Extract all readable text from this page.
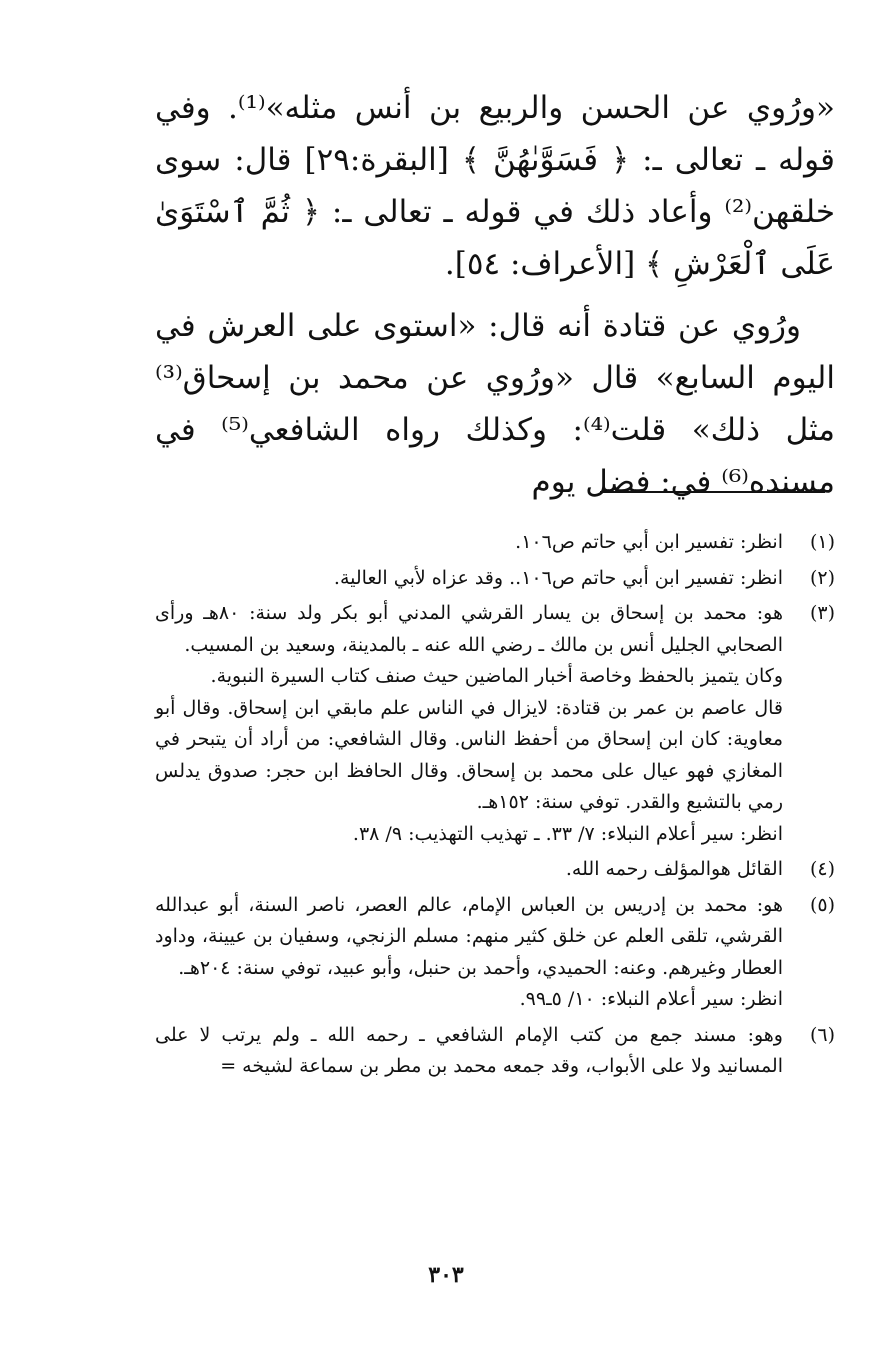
«ورُوي عن الحسن والربيع بن أنس مثله»⁽¹⁾. وفي قوله ـ تعالى ـ: ﴿ فَسَوَّىٰهُنَّ ﴾ [البقرة:٢٩] قال: سوى خلقهن⁽²⁾ وأعاد ذلك في قوله ـ تعالى ـ: ﴿ ثُمَّ ٱسْتَوَىٰ عَلَى ٱلْعَرْشِ ﴾ [الأعراف: ٥٤].

ورُوي عن قتادة أنه قال: «استوى على العرش في اليوم السابع» قال «ورُوي عن محمد بن إسحاق⁽³⁾ مثل ذلك» قلت⁽⁴⁾: وكذلك رواه الشافعي⁽⁵⁾ في مسنده⁽⁶⁾ في: فضل يوم

(١)
انظر: تفسير ابن أبي حاتم ص١٠٦.
(٢)
انظر: تفسير ابن أبي حاتم ص١٠٦.. وقد عزاه لأبي العالية.
(٣)
هو: محمد بن إسحاق بن يسار القرشي المدني أبو بكر ولد سنة: ٨٠هـ ورأى الصحابي الجليل أنس بن مالك ـ رضي الله عنه ـ بالمدينة، وسعيد بن المسيب.
وكان يتميز بالحفظ وخاصة أخبار الماضين حيث صنف كتاب السيرة النبوية.
قال عاصم بن عمر بن قتادة: لايزال في الناس علم مابقي ابن إسحاق. وقال أبو معاوية: كان ابن إسحاق من أحفظ الناس. وقال الشافعي: من أراد أن يتبحر في المغازي فهو عيال على محمد بن إسحاق. وقال الحافظ ابن حجر: صدوق يدلس رمي بالتشيع والقدر. توفي سنة: ١٥٢هـ.
انظر: سير أعلام النبلاء: ٧/ ٣٣. ـ تهذيب التهذيب: ٩/ ٣٨.
(٤)
القائل هوالمؤلف رحمه الله.
(٥)
هو: محمد بن إدريس بن العباس الإمام، عالم العصر، ناصر السنة، أبو عبدالله القرشي، تلقى العلم عن خلق كثير منهم: مسلم الزنجي، وسفيان بن عيينة، وداود العطار وغيرهم. وعنه: الحميدي، وأحمد بن حنبل، وأبو عبيد، توفي سنة: ٢٠٤هـ.
انظر: سير أعلام النبلاء: ١٠/ ٥ـ٩٩.
(٦)
وهو: مسند جمع من كتب الإمام الشافعي ـ رحمه الله ـ ولم يرتب لا على المسانيد ولا على الأبواب، وقد جمعه محمد بن مطر بن سماعة لشيخه =
٣٠٣
